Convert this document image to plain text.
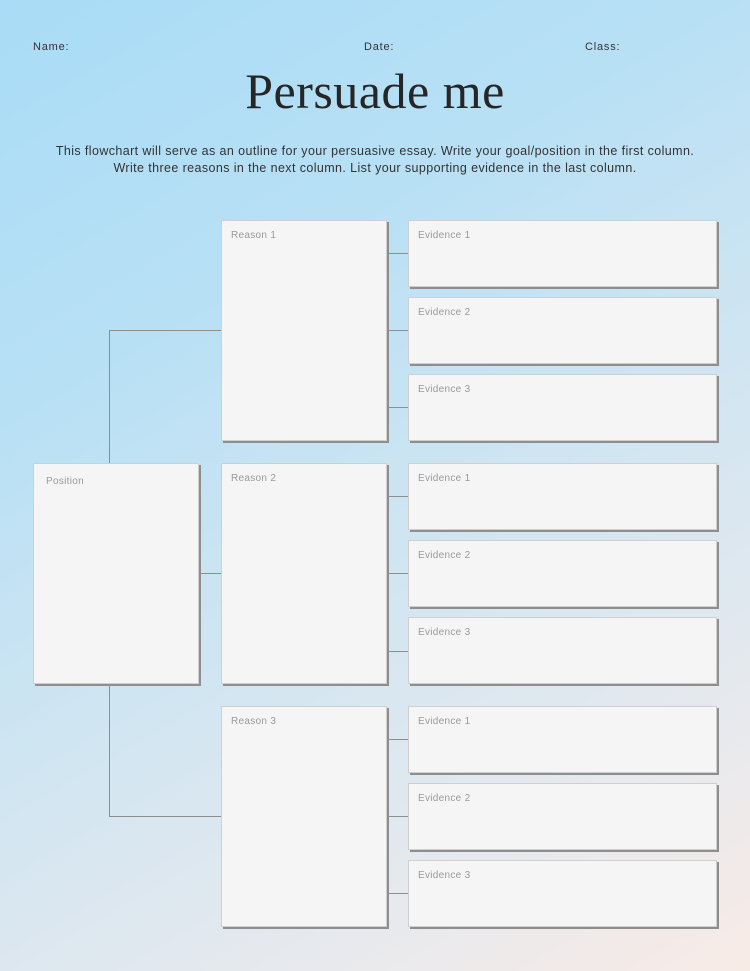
Name:	Date:	Class:
Persuade me
This flowchart will serve as an outline for your persuasive essay. Write your goal/position in the first column. Write three reasons in the next column. List your supporting evidence in the last column.
Position
Reason 1
Reason 2
Reason 3
Evidence 1
Evidence 2
Evidence 3
Evidence 1
Evidence 2
Evidence 3
Evidence 1
Evidence 2
Evidence 3
